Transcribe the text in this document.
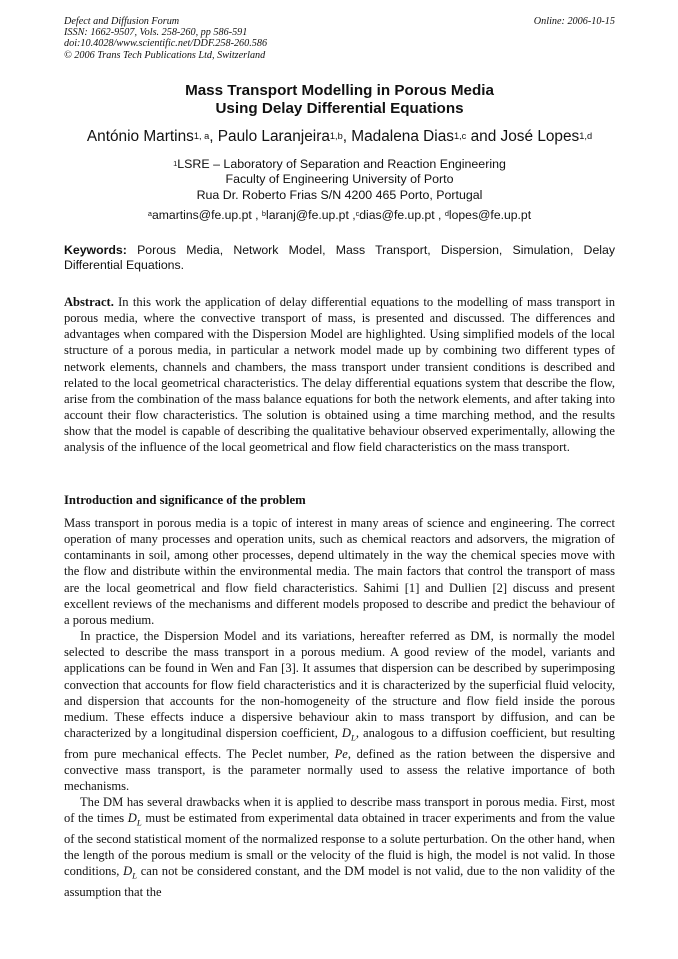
Defect and Diffusion Forum
ISSN: 1662-9507, Vols. 258-260, pp 586-591
doi:10.4028/www.scientific.net/DDF.258-260.586
© 2006 Trans Tech Publications Ltd, Switzerland
Online: 2006-10-15
Mass Transport Modelling in Porous Media
Using Delay Differential Equations
António Martins$^{1, a}$, Paulo Laranjeira$^{1,b}$, Madalena Dias$^{1,c}$ and José Lopes$^{1,d}$
$^1$LSRE – Laboratory of Separation and Reaction Engineering
Faculty of Engineering University of Porto
Rua Dr. Roberto Frias S/N 4200 465 Porto, Portugal
$^a$amartins@fe.up.pt , $^b$laranj@fe.up.pt ,$^c$dias@fe.up.pt , $^d$lopes@fe.up.pt
Keywords: Porous Media, Network Model, Mass Transport, Dispersion, Simulation, Delay Differential Equations.
Abstract. In this work the application of delay differential equations to the modelling of mass transport in porous media, where the convective transport of mass, is presented and discussed. The differences and advantages when compared with the Dispersion Model are highlighted. Using simplified models of the local structure of a porous media, in particular a network model made up by combining two different types of network elements, channels and chambers, the mass transport under transient conditions is described and related to the local geometrical characteristics. The delay differential equations system that describe the flow, arise from the combination of the mass balance equations for both the network elements, and after taking into account their flow characteristics. The solution is obtained using a time marching method, and the results show that the model is capable of describing the qualitative behaviour observed experimentally, allowing the analysis of the influence of the local geometrical and flow field characteristics on the mass transport.
Introduction and significance of the problem

Mass transport in porous media is a topic of interest in many areas of science and engineering. The correct operation of many processes and operation units, such as chemical reactors and adsorvers, the migration of contaminants in soil, among other processes, depend ultimately in the way the chemical species move with the flow and distribute within the environmental media. The main factors that control the transport of mass are the local geometrical and flow field characteristics. Sahimi [1] and Dullien [2] discuss and present excellent reviews of the mechanisms and different models proposed to describe and predict the behaviour of a porous medium.

In practice, the Dispersion Model and its variations, hereafter referred as DM, is normally the model selected to describe the mass transport in a porous medium. A good review of the model, variants and applications can be found in Wen and Fan [3]. It assumes that dispersion can be described by superimposing convection that accounts for flow field characteristics and it is characterized by the superficial fluid velocity, and dispersion that accounts for the non-homogeneity of the structure and flow field inside the porous medium. These effects induce a dispersive behaviour akin to mass transport by diffusion, and can be characterized by a longitudinal dispersion coefficient, $D_L$, analogous to a diffusion coefficient, but resulting from pure mechanical effects. The Peclet number, Pe, defined as the ration between the dispersive and convective mass transport, is the parameter normally used to assess the relative importance of both mechanisms.

The DM has several drawbacks when it is applied to describe mass transport in porous media. First, most of the times $D_L$ must be estimated from experimental data obtained in tracer experiments and from the value of the second statistical moment of the normalized response to a solute perturbation. On the other hand, when the length of the porous medium is small or the velocity of the fluid is high, the model is not valid. In those conditions, $D_L$ can not be considered constant, and the DM model is not valid, due to the non validity of the assumption that the
